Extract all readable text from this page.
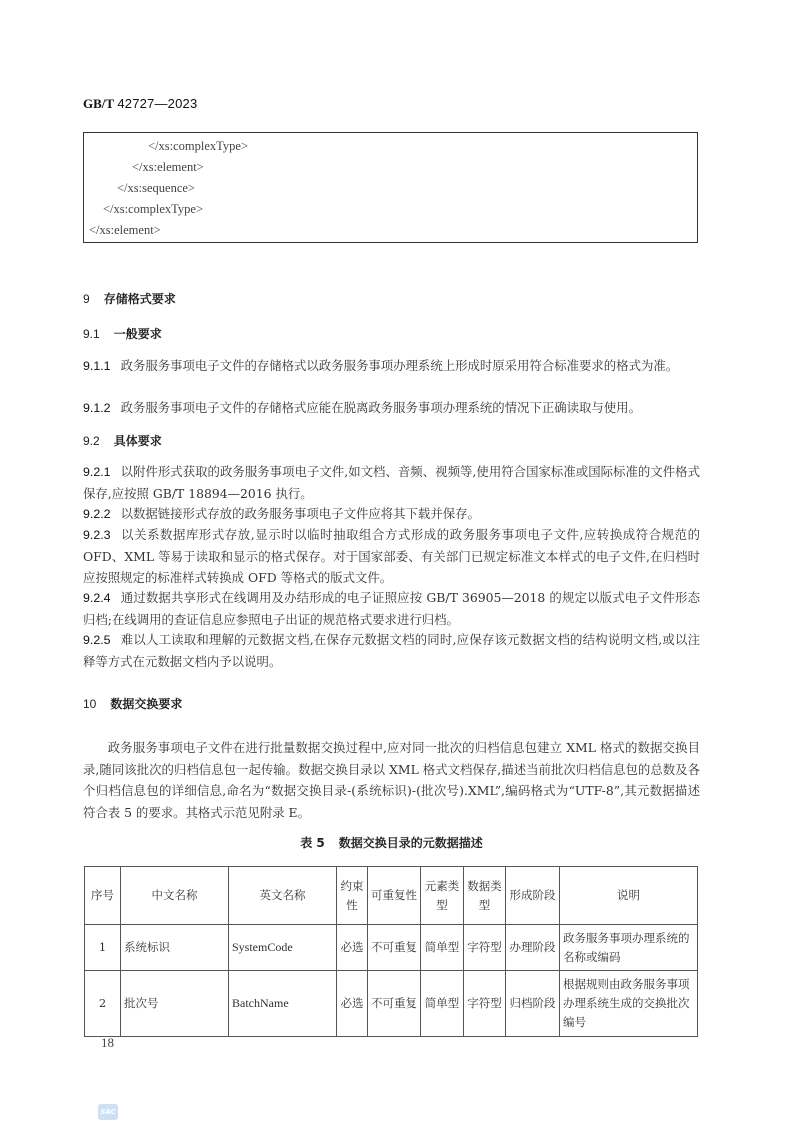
GB/T 42727—2023
</xs:complexType>
</xs:element>
</xs:sequence>
</xs:complexType>
</xs:element>
9 存储格式要求
9.1 一般要求
9.1.1 政务服务事项电子文件的存储格式以政务服务事项办理系统上形成时原采用符合标准要求的格式为准。
9.1.2 政务服务事项电子文件的存储格式应能在脱离政务服务事项办理系统的情况下正确读取与使用。
9.2 具体要求
9.2.1 以附件形式获取的政务服务事项电子文件,如文档、音频、视频等,使用符合国家标准或国际标准的文件格式保存,应按照 GB/T 18894—2016 执行。
9.2.2 以数据链接形式存放的政务服务事项电子文件应将其下载并保存。
9.2.3 以关系数据库形式存放,显示时以临时抽取组合方式形成的政务服务事项电子文件,应转换成符合规范的 OFD、XML 等易于读取和显示的格式保存。对于国家部委、有关部门已规定标准文本样式的电子文件,在归档时应按照规定的标准样式转换成 OFD 等格式的版式文件。
9.2.4 通过数据共享形式在线调用及办结形成的电子证照应按 GB/T 36905—2018 的规定以版式电子文件形态归档;在线调用的查证信息应参照电子出证的规范格式要求进行归档。
9.2.5 难以人工读取和理解的元数据文档,在保存元数据文档的同时,应保存该元数据文档的结构说明文档,或以注释等方式在元数据文档内予以说明。
10 数据交换要求
政务服务事项电子文件在进行批量数据交换过程中,应对同一批次的归档信息包建立 XML 格式的数据交换目录,随同该批次的归档信息包一起传输。数据交换目录以 XML 格式文档保存,描述当前批次归档信息包的总数及各个归档信息包的详细信息,命名为“数据交换目录-(系统标识)-(批次号).XML”,编码格式为“UTF-8”,其元数据描述符合表 5 的要求。其格式示范见附录 E。
表 5 数据交换目录的元数据描述
序号	中文名称	英文名称	约束性	可重复性	元素类型	数据类型	形成阶段	说明
1	系统标识	SystemCode	必选	不可重复	简单型	字符型	办理阶段	政务服务事项办理系统的名称或编码
2	批次号	BatchName	必选	不可重复	简单型	字符型	归档阶段	根据规则由政务服务事项办理系统生成的交换批次编号
18
SAC
